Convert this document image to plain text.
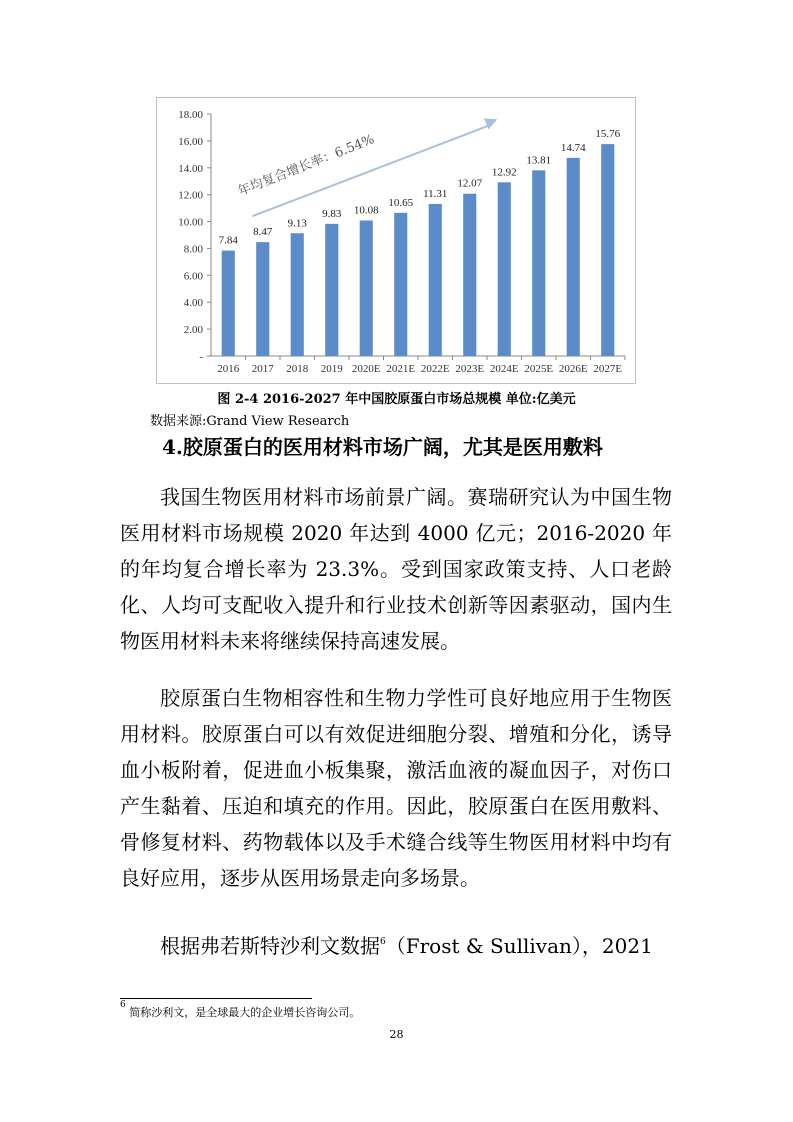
-
2.00
4.00
6.00
8.00
10.00
12.00
14.00
16.00
18.00
7.84
2016
8.47
2017
9.13
2018
9.83
2019
10.08
2020E
10.65
2021E
11.31
2022E
12.07
2023E
12.92
2024E
13.81
2025E
14.74
2026E
15.76
2027E
年均复合增长率：6.54%
图 2-4 2016-2027 年中国胶原蛋白市场总规模 单位:亿美元
数据来源:Grand View Research
4.胶原蛋白的医用材料市场广阔，尤其是医用敷料

我国生物医用材料市场前景广阔。赛瑞研究认为中国生物医用材料市场规模 2020 年达到 4000 亿元；2016-2020 年的年均复合增长率为 23.3%。受到国家政策支持、人口老龄化、人均可支配收入提升和行业技术创新等因素驱动，国内生物医用材料未来将继续保持高速发展。

胶原蛋白生物相容性和生物力学性可良好地应用于生物医用材料。胶原蛋白可以有效促进细胞分裂、增殖和分化，诱导血小板附着，促进血小板集聚，激活血液的凝血因子，对伤口产生黏着、压迫和填充的作用。因此，胶原蛋白在医用敷料、骨修复材料、药物载体以及手术缝合线等生物医用材料中均有良好应用，逐步从医用场景走向多场景。

根据弗若斯特沙利文数据$^6$（Frost & Sullivan），2021

$^6$ 简称沙利文，是全球最大的企业增长咨询公司。
28
